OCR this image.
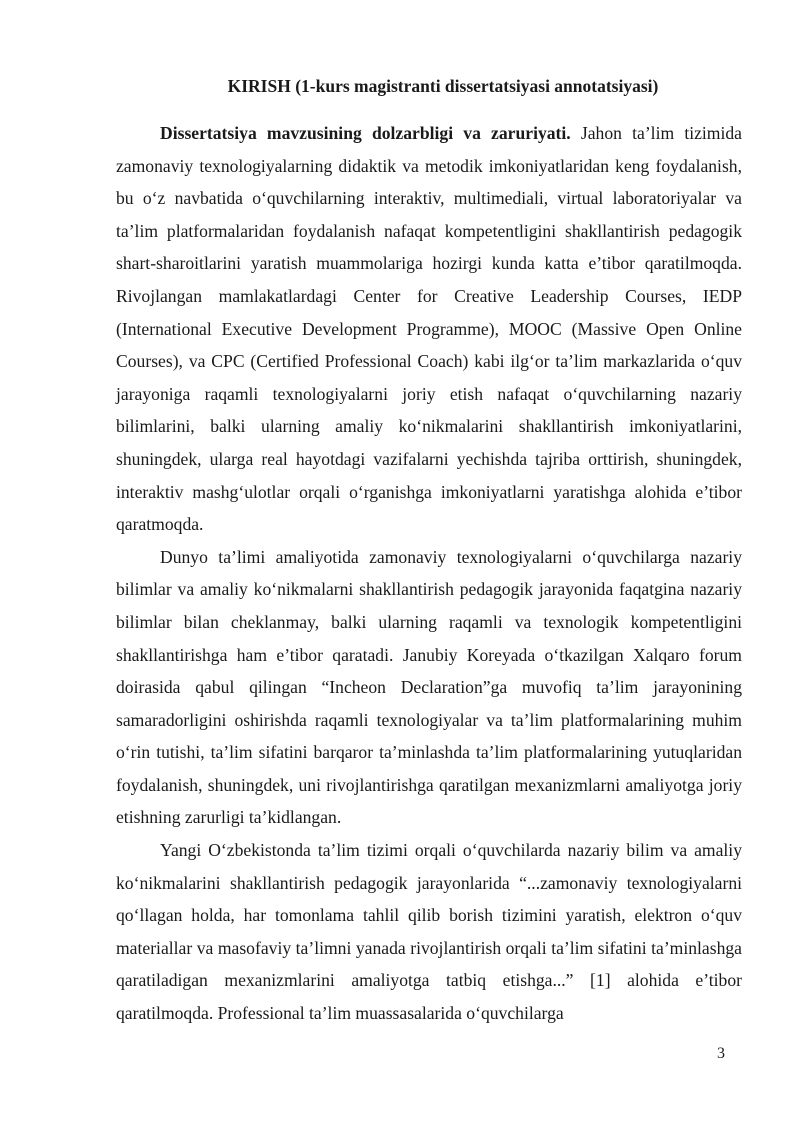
KIRISH (1-kurs magistranti dissertatsiyasi annotatsiyasi)

Dissertatsiya mavzusining dolzarbligi va zaruriyati. Jahon ta’lim tizimida zamonaviy texnologiyalarning didaktik va metodik imkoniyatlaridan keng foydalanish, bu o‘z navbatida o‘quvchilarning interaktiv, multimediali, virtual laboratoriyalar va ta’lim platformalaridan foydalanish nafaqat kompetentligini shakllantirish pedagogik shart-sharoitlarini yaratish muammolariga hozirgi kunda katta e’tibor qaratilmoqda. Rivojlangan mamlakatlardagi Center for Creative Leadership Courses, IEDP (International Executive Development Programme), MOOC (Massive Open Online Courses), va CPC (Certified Professional Coach) kabi ilg‘or ta’lim markazlarida o‘quv jarayoniga raqamli texnologiyalarni joriy etish nafaqat o‘quvchilarning nazariy bilimlarini, balki ularning amaliy ko‘nikmalarini shakllantirish imkoniyatlarini, shuningdek, ularga real hayotdagi vazifalarni yechishda tajriba orttirish, shuningdek, interaktiv mashg‘ulotlar orqali o‘rganishga imkoniyatlarni yaratishga alohida e’tibor qaratmoqda.

Dunyo ta’limi amaliyotida zamonaviy texnologiyalarni o‘quvchilarga nazariy bilimlar va amaliy ko‘nikmalarni shakllantirish pedagogik jarayonida faqatgina nazariy bilimlar bilan cheklanmay, balki ularning raqamli va texnologik kompetentligini shakllantirishga ham e’tibor qaratadi. Janubiy Koreyada o‘tkazilgan Xalqaro forum doirasida qabul qilingan “Incheon Declaration”ga muvofiq ta’lim jarayonining samaradorligini oshirishda raqamli texnologiyalar va ta’lim platformalarining muhim o‘rin tutishi, ta’lim sifatini barqaror ta’minlashda ta’lim platformalarining yutuqlaridan foydalanish, shuningdek, uni rivojlantirishga qaratilgan mexanizmlarni amaliyotga joriy etishning zarurligi ta’kidlangan.

Yangi O‘zbekistonda ta’lim tizimi orqali o‘quvchilarda nazariy bilim va amaliy ko‘nikmalarini shakllantirish pedagogik jarayonlarida “...zamonaviy texnologiyalarni qo‘llagan holda, har tomonlama tahlil qilib borish tizimini yaratish, elektron o‘quv materiallar va masofaviy ta’limni yanada rivojlantirish orqali ta’lim sifatini ta’minlashga qaratiladigan mexanizmlarini amaliyotga tatbiq etishga...” [1] alohida e’tibor qaratilmoqda. Professional ta’lim muassasalarida o‘quvchilarga

3
